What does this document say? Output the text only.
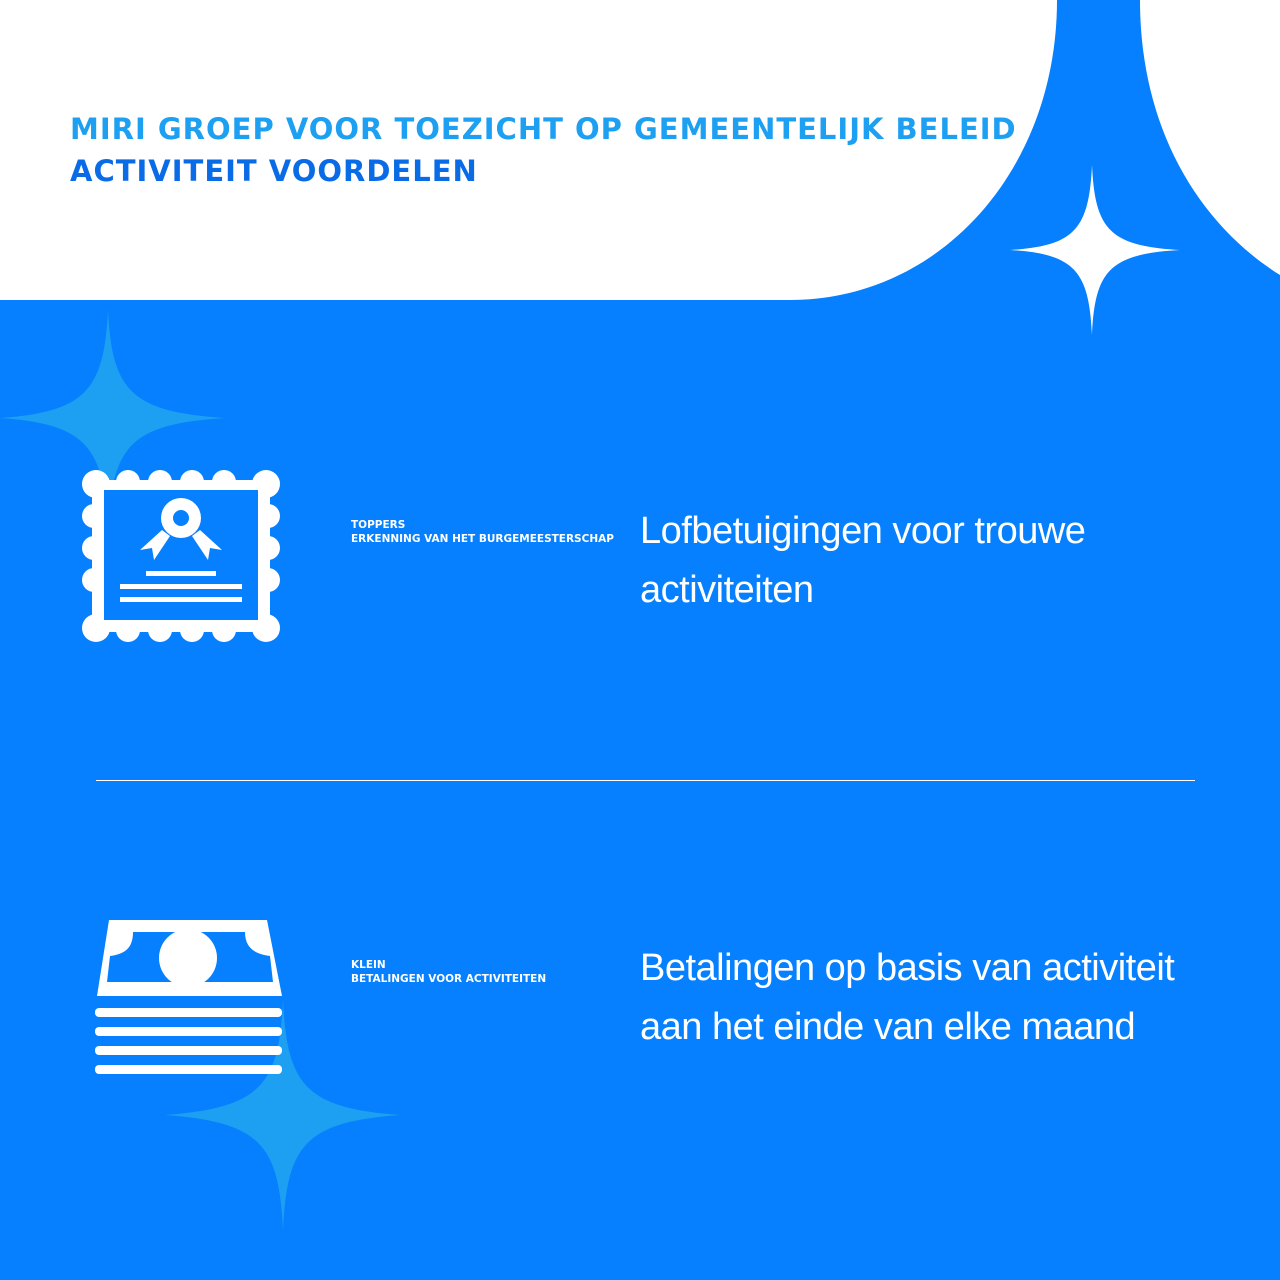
MIRI GROEP VOOR TOEZICHT OP GEMEENTELIJK BELEID
ACTIVITEIT VOORDELEN
TOPPERS
ERKENNING VAN HET BURGEMEESTERSCHAP Lofbetuigingen voor trouwe activiteiten
KLEIN
BETALINGEN VOOR ACTIVITEITEN Betalingen op basis van activiteit aan het einde van elke maand
